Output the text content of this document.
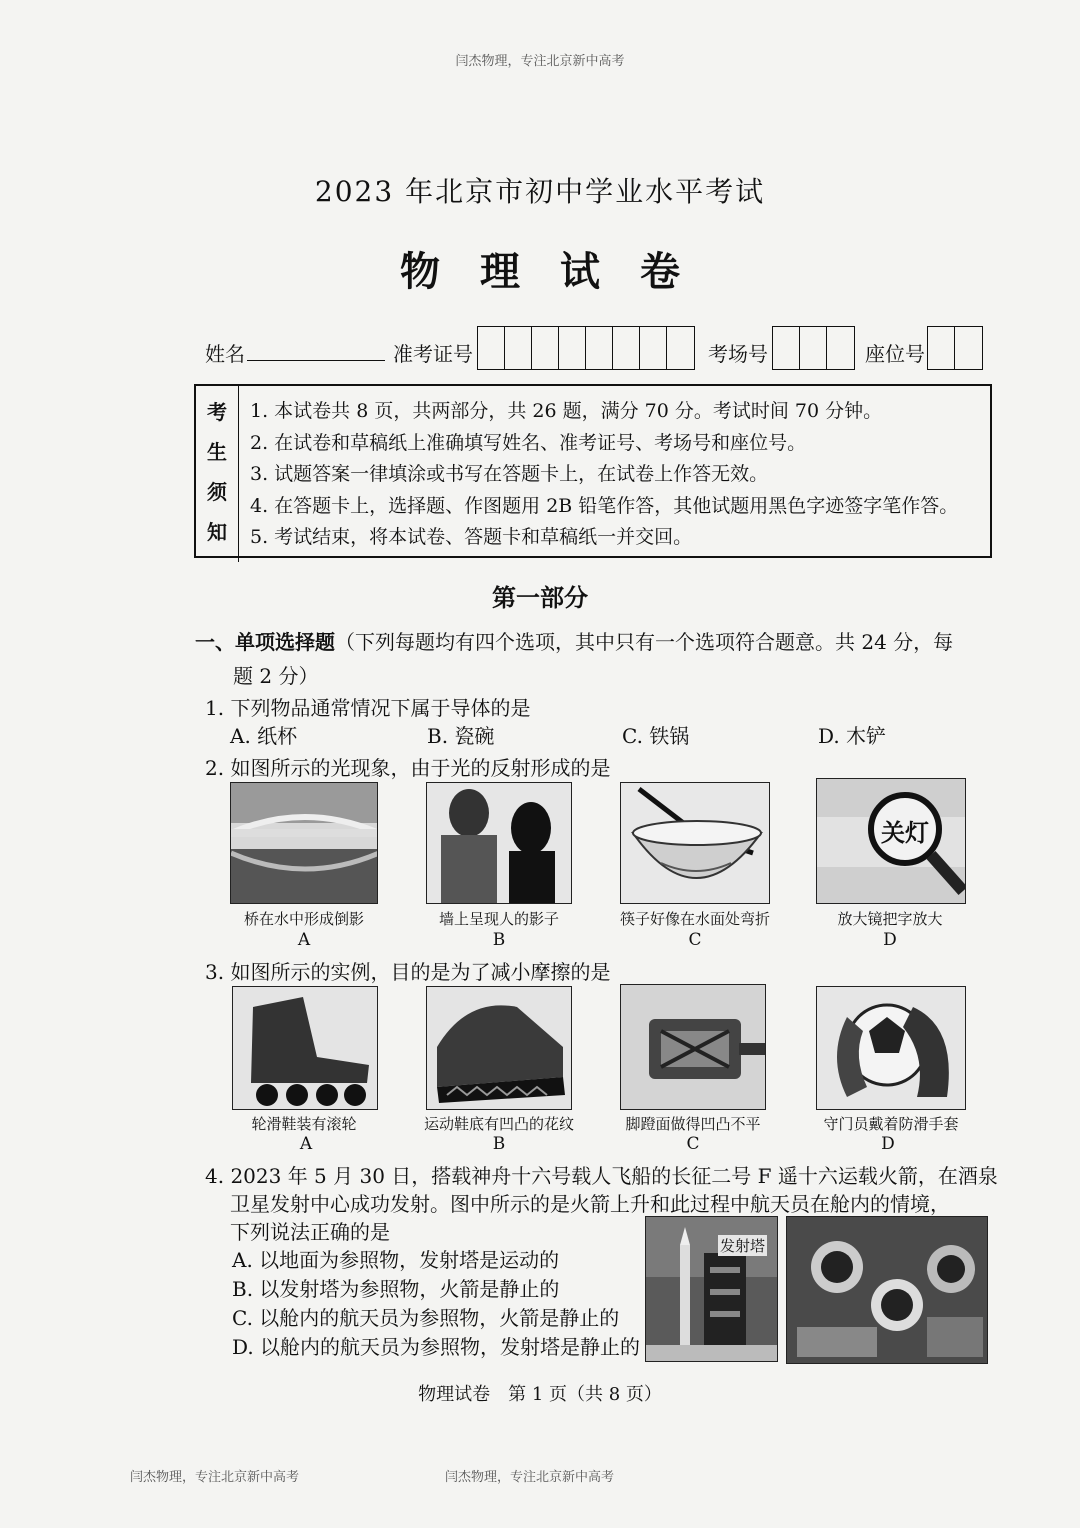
闫杰物理，专注北京新中高考
2023 年北京市初中学业水平考试
物理试卷
姓名	准考证号	考场号	座位号
考
生
须
知
1. 本试卷共 8 页，共两部分，共 26 题，满分 70 分。考试时间 70 分钟。
2. 在试卷和草稿纸上准确填写姓名、准考证号、考场号和座位号。
3. 试题答案一律填涂或书写在答题卡上，在试卷上作答无效。
4. 在答题卡上，选择题、作图题用 2B 铅笔作答，其他试题用黑色字迹签字笔作答。
5. 考试结束，将本试卷、答题卡和草稿纸一并交回。
第一部分
一、单项选择题（下列每题均有四个选项，其中只有一个选项符合题意。共 24 分，每
题 2 分）
1. 下列物品通常情况下属于导体的是
A. 纸杯	B. 瓷碗	C. 铁锅	D. 木铲
2. 如图所示的光现象，由于光的反射形成的是
关灯
桥在水中形成倒影	墙上呈现人的影子	筷子好像在水面处弯折	放大镜把字放大
A	B	C	D
3. 如图所示的实例，目的是为了减小摩擦的是
轮滑鞋装有滚轮	运动鞋底有凹凸的花纹	脚蹬面做得凹凸不平	守门员戴着防滑手套
A	B	C	D
4. 2023 年 5 月 30 日，搭载神舟十六号载人飞船的长征二号 F 遥十六运载火箭，在酒泉
卫星发射中心成功发射。图中所示的是火箭上升和此过程中航天员在舱内的情境，
下列说法正确的是
A. 以地面为参照物，发射塔是运动的
B. 以发射塔为参照物，火箭是静止的
C. 以舱内的航天员为参照物，火箭是静止的
D. 以舱内的航天员为参照物，发射塔是静止的
发射塔
物理试卷　第 1 页（共 8 页）
闫杰物理，专注北京新中高考	闫杰物理，专注北京新中高考
